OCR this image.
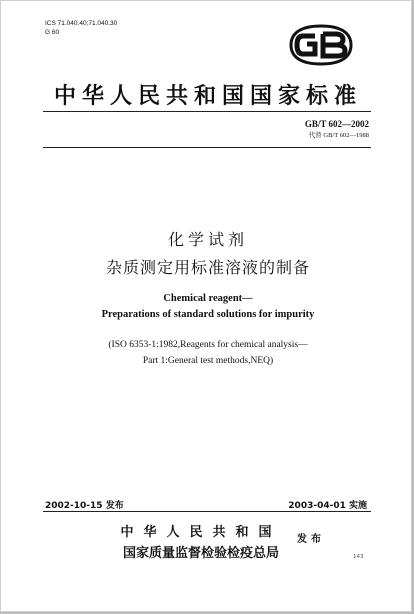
ICS 71.040.40;71.040.30
G 60
中华人民共和国国家标准
GB/T 602—2002
代替 GB/T 602—1988
化学试剂
杂质测定用标准溶液的制备
Chemical reagent—
Preparations of standard solutions for impurity
(ISO 6353-1:1982,Reagents for chemical analysis—
Part 1:General test methods,NEQ)
2002-10-15 发布	2003-04-01 实施
中华人民共和国
国家质量监督检验检疫总局
发布
143
